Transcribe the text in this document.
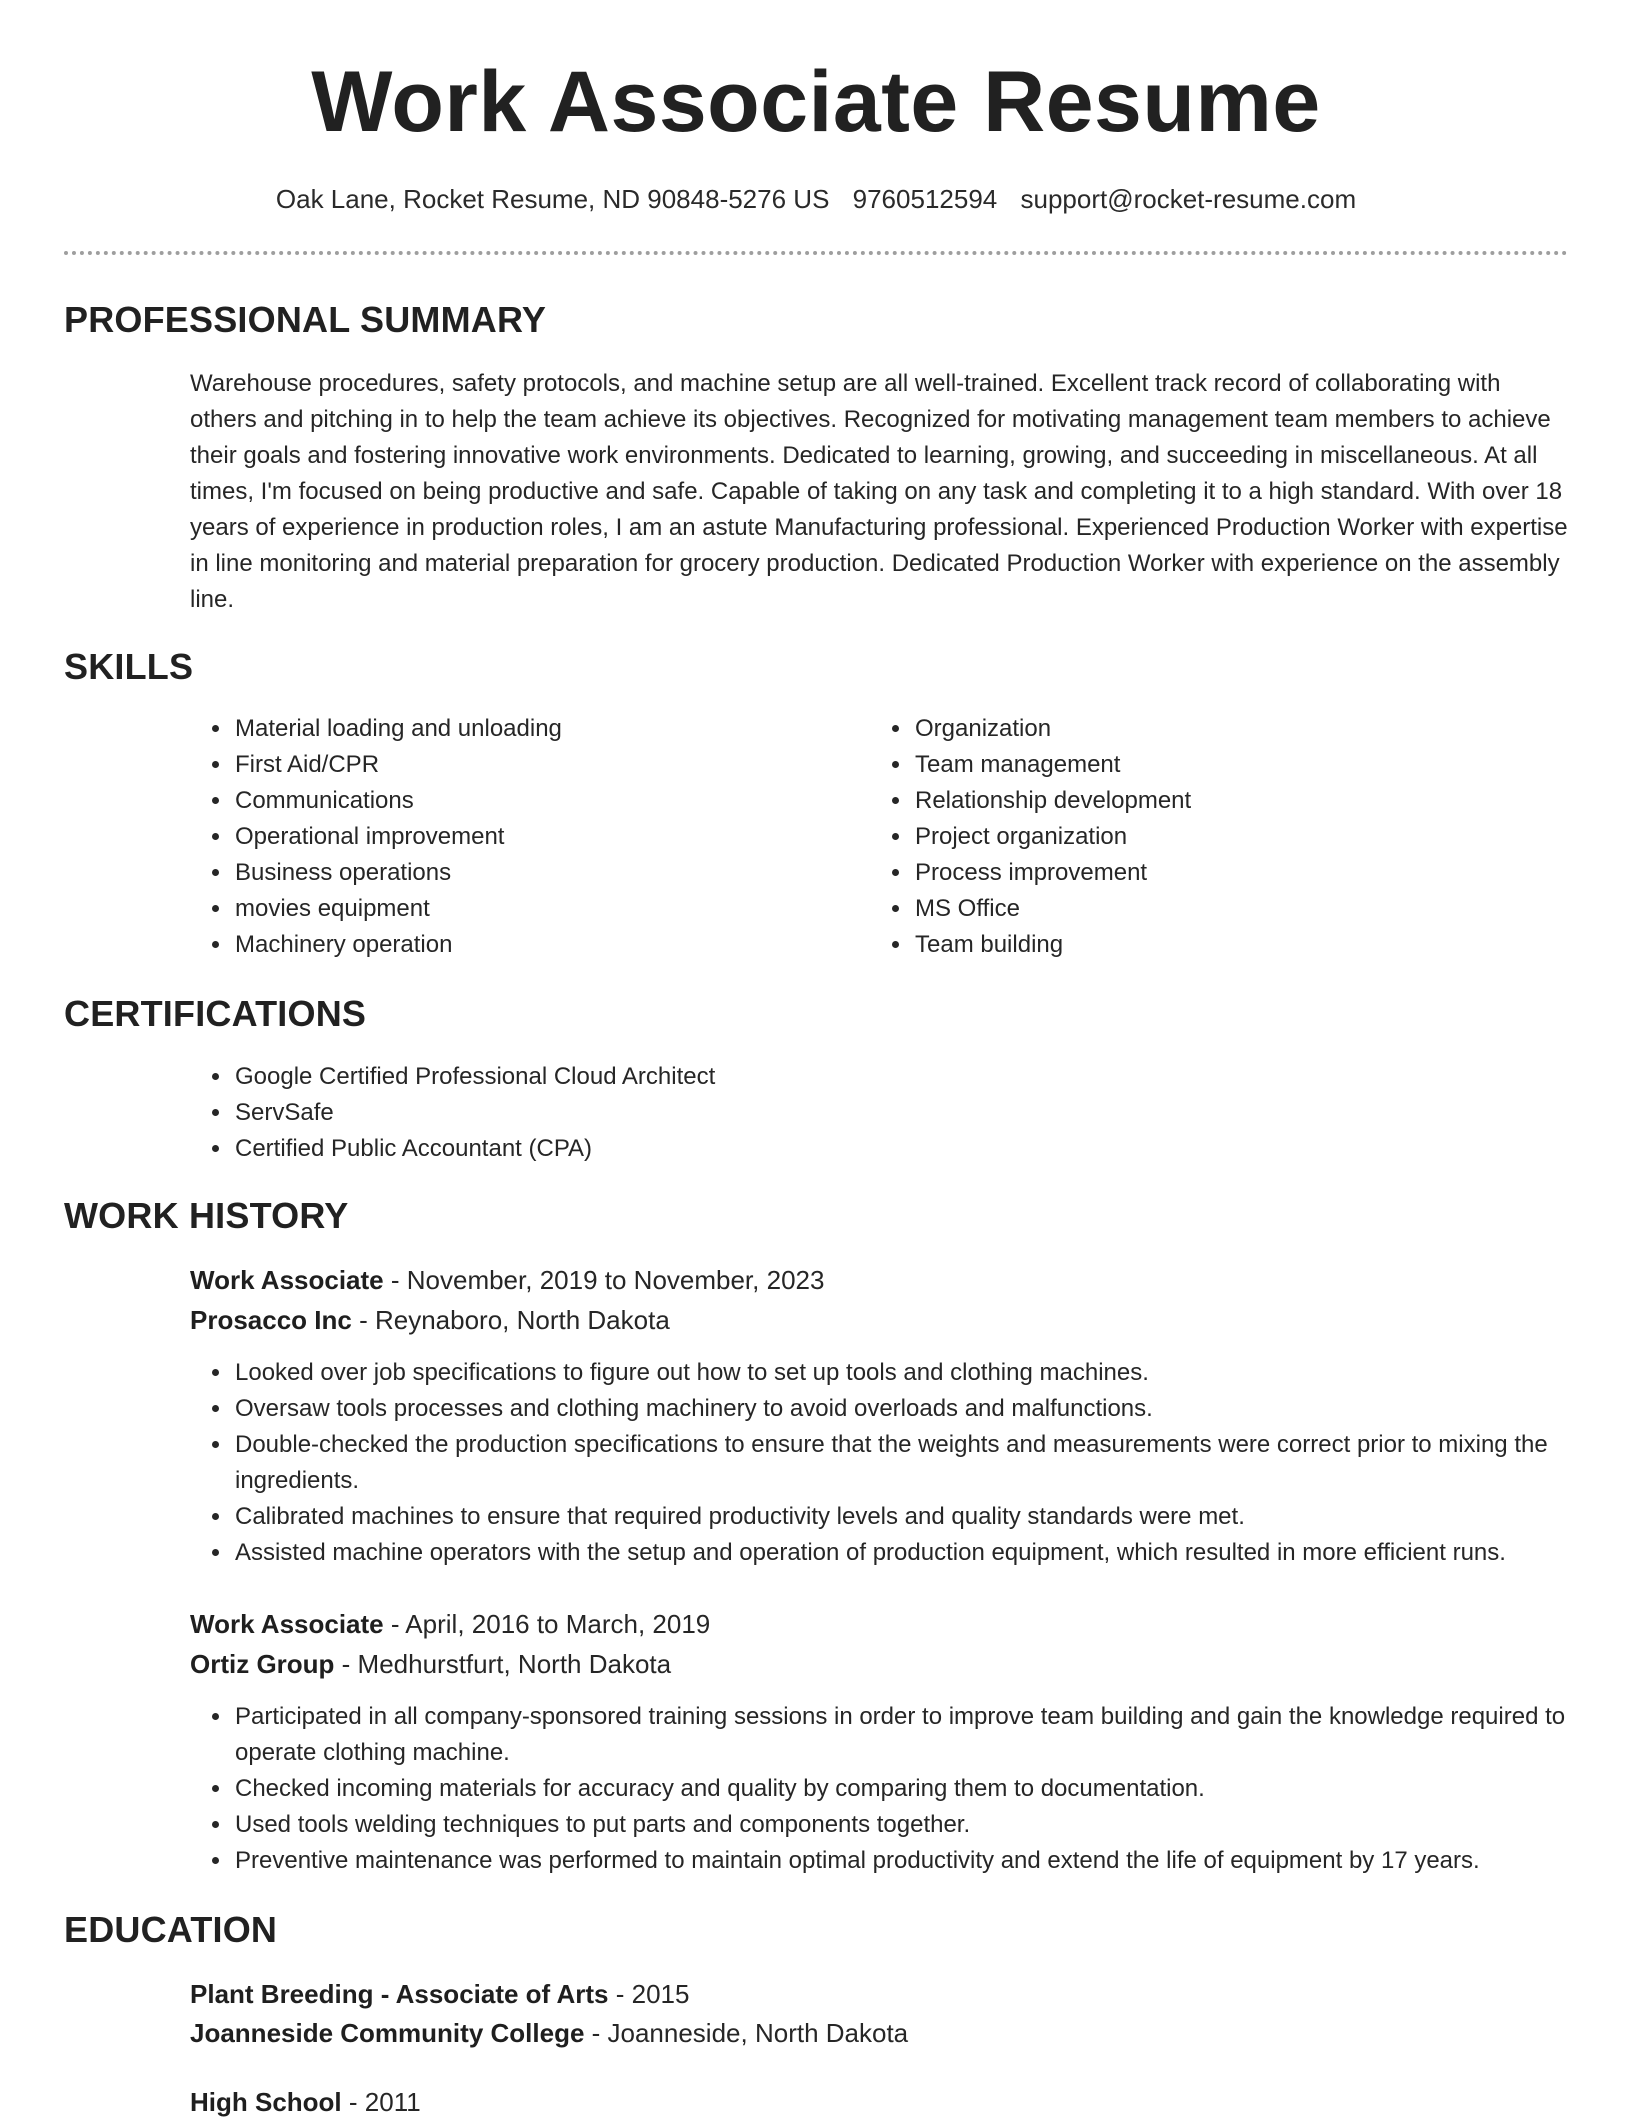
Work Associate Resume
Oak Lane, Rocket Resume, ND 90848-5276 US 9760512594 support@rocket-resume.com
PROFESSIONAL SUMMARY

Warehouse procedures, safety protocols, and machine setup are all well-trained. Excellent track record of collaborating with others and pitching in to help the team achieve its objectives. Recognized for motivating management team members to achieve their goals and fostering innovative work environments. Dedicated to learning, growing, and succeeding in miscellaneous. At all times, I'm focused on being productive and safe. Capable of taking on any task and completing it to a high standard. With over 18 years of experience in production roles, I am an astute Manufacturing professional. Experienced Production Worker with expertise in line monitoring and material preparation for grocery production. Dedicated Production Worker with experience on the assembly line.

SKILLS
• Material loading and unloading
• First Aid/CPR
• Communications
• Operational improvement
• Business operations
• movies equipment
• Machinery operation
• Organization
• Team management
• Relationship development
• Project organization
• Process improvement
• MS Office
• Team building
CERTIFICATIONS
• Google Certified Professional Cloud Architect
• ServSafe
• Certified Public Accountant (CPA)
WORK HISTORY
Work Associate - November, 2019 to November, 2023
Prosacco Inc - Reynaboro, North Dakota
• Looked over job specifications to figure out how to set up tools and clothing machines.
• Oversaw tools processes and clothing machinery to avoid overloads and malfunctions.
• Double-checked the production specifications to ensure that the weights and measurements were correct prior to mixing the ingredients.
• Calibrated machines to ensure that required productivity levels and quality standards were met.
• Assisted machine operators with the setup and operation of production equipment, which resulted in more efficient runs.
Work Associate - April, 2016 to March, 2019
Ortiz Group - Medhurstfurt, North Dakota
• Participated in all company-sponsored training sessions in order to improve team building and gain the knowledge required to operate clothing machine.
• Checked incoming materials for accuracy and quality by comparing them to documentation.
• Used tools welding techniques to put parts and components together.
• Preventive maintenance was performed to maintain optimal productivity and extend the life of equipment by 17 years.
EDUCATION
Plant Breeding - Associate of Arts - 2015
Joanneside Community College - Joanneside, North Dakota
High School - 2011
